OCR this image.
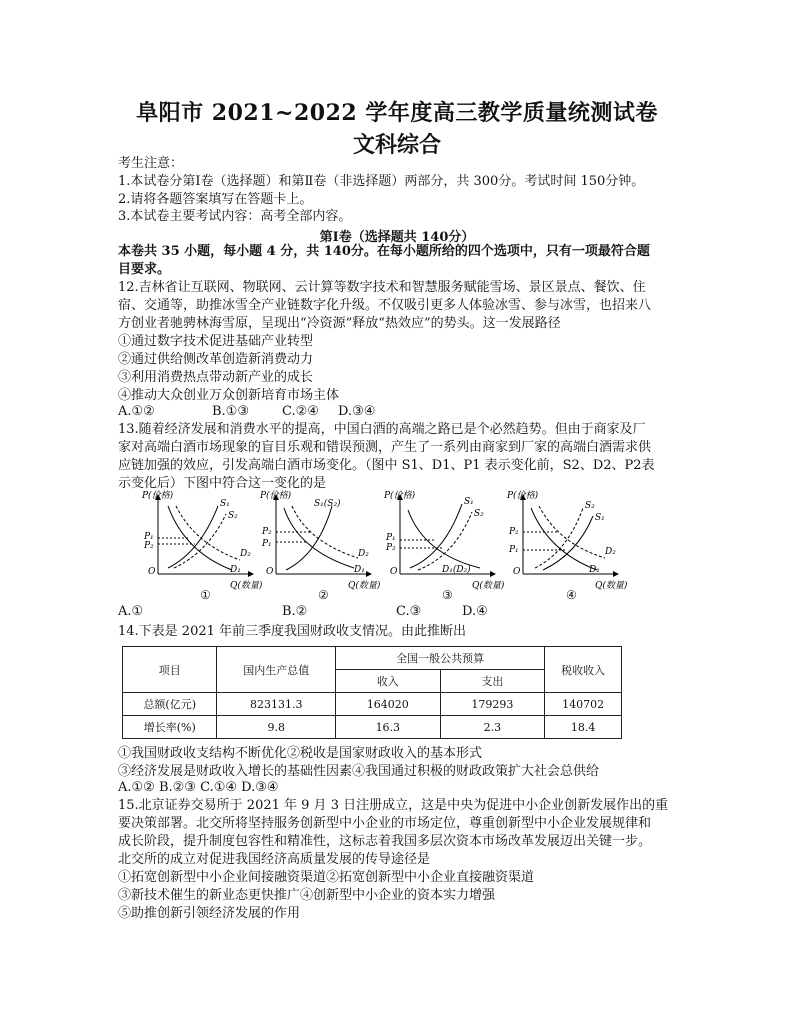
阜阳市 2021~2022 学年度高三教学质量统测试卷
文科综合
考生注意：
1.本试卷分第Ⅰ卷（选择题）和第Ⅱ卷（非选择题）两部分，共 300分。考试时间 150分钟。
2.请将各题答案填写在答题卡上。
3.本试卷主要考试内容：高考全部内容。
第Ⅰ卷（选择题共 140分）
本卷共 35 小题，每小题 4 分，共 140分。在每小题所给的四个选项中，只有一项最符合题
目要求。
12.吉林省让互联网、物联网、云计算等数字技术和智慧服务赋能雪场、景区景点、餐饮、住
宿、交通等，助推冰雪全产业链数字化升级。不仅吸引更多人体验冰雪、参与冰雪，也招来八
方创业者驰骋林海雪原，呈现出“冷资源”释放“热效应”的势头。这一发展路径
①通过数字技术促进基础产业转型
②通过供给侧改革创造新消费动力
③利用消费热点带动新产业的成长
④推动大众创业万众创新培育市场主体
A.①②	B.①③	C.②④ D.③④
13.随着经济发展和消费水平的提高，中国白酒的高端之路已是个必然趋势。但由于商家及厂
家对高端白酒市场现象的盲目乐观和错误预测，产生了一系列由商家到厂家的高端白酒需求供
应链加强的效应，引发高端白酒市场变化。（图中 S1、D1、P1 表示变化前，S2、D2、P2表
示变化后）下图中符合这一变化的是
P(价格)
Q(数量)
O
S₁
S₂
P₁
P₂
D₂
D₁
①
P(价格)
Q(数量)
O
S₁(S₂)
P₂
P₁
D₂
D₁
②
P(价格)
Q(数量)
O
S₁
S₂
P₁
P₂
D₁(D₂)
③
P(价格)
Q(数量)
O
S₂
S₁
P₂
P₁	D₂
D₁
④
A.①	B.②	C.③	D.④
14.下表是 2021 年前三季度我国财政收支情况。由此推断出
项目	国内生产总值	全国一般公共预算		税收收入
		收入	支出	
总额(亿元)	823131.3	164020	179293	140702
增长率(%)	9.8	16.3	2.3	18.4
①我国财政收支结构不断优化②税收是国家财政收入的基本形式
③经济发展是财政收入增长的基础性因素④我国通过积极的财政政策扩大社会总供给
A.①② B.②③ C.①④ D.③④
15.北京证券交易所于 2021 年 9 月 3 日注册成立，这是中央为促进中小企业创新发展作出的重
要决策部署。北交所将坚持服务创新型中小企业的市场定位，尊重创新型中小企业发展规律和
成长阶段，提升制度包容性和精准性，这标志着我国多层次资本市场改革发展迈出关键一步。
北交所的成立对促进我国经济高质量发展的传导途径是
①拓宽创新型中小企业间接融资渠道②拓宽创新型中小企业直接融资渠道
③新技术催生的新业态更快推广④创新型中小企业的资本实力增强
⑤助推创新引领经济发展的作用
